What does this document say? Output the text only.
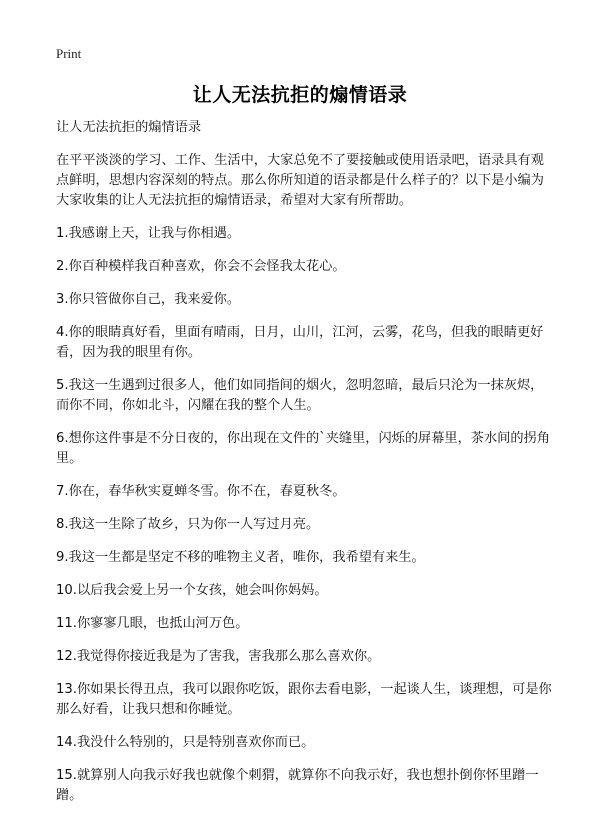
Print
让人无法抗拒的煽情语录

让人无法抗拒的煽情语录

在平平淡淡的学习、工作、生活中，大家总免不了要接触或使用语录吧，语录具有观点鲜明，思想内容深刻的特点。那么你所知道的语录都是什么样子的？以下是小编为大家收集的让人无法抗拒的煽情语录，希望对大家有所帮助。

1.我感谢上天，让我与你相遇。

2.你百种模样我百种喜欢，你会不会怪我太花心。

3.你只管做你自己，我来爱你。

4.你的眼睛真好看，里面有晴雨，日月，山川，江河，云雾，花鸟，但我的眼睛更好看，因为我的眼里有你。

5.我这一生遇到过很多人，他们如同指间的烟火，忽明忽暗，最后只沦为一抹灰烬，而你不同，你如北斗，闪耀在我的整个人生。

6.想你这件事是不分日夜的，你出现在文件的`夹缝里，闪烁的屏幕里，茶水间的拐角里。

7.你在，春华秋实夏蝉冬雪。你不在，春夏秋冬。

8.我这一生除了故乡，只为你一人写过月亮。

9.我这一生都是坚定不移的唯物主义者，唯你，我希望有来生。

10.以后我会爱上另一个女孩，她会叫你妈妈。

11.你寥寥几眼，也抵山河万色。

12.我觉得你接近我是为了害我，害我那么那么喜欢你。

13.你如果长得丑点，我可以跟你吃饭，跟你去看电影，一起谈人生，谈理想，可是你那么好看，让我只想和你睡觉。

14.我没什么特别的，只是特别喜欢你而已。

15.就算别人向我示好我也就像个刺猬，就算你不向我示好，我也想扑倒你怀里蹭一蹭。
